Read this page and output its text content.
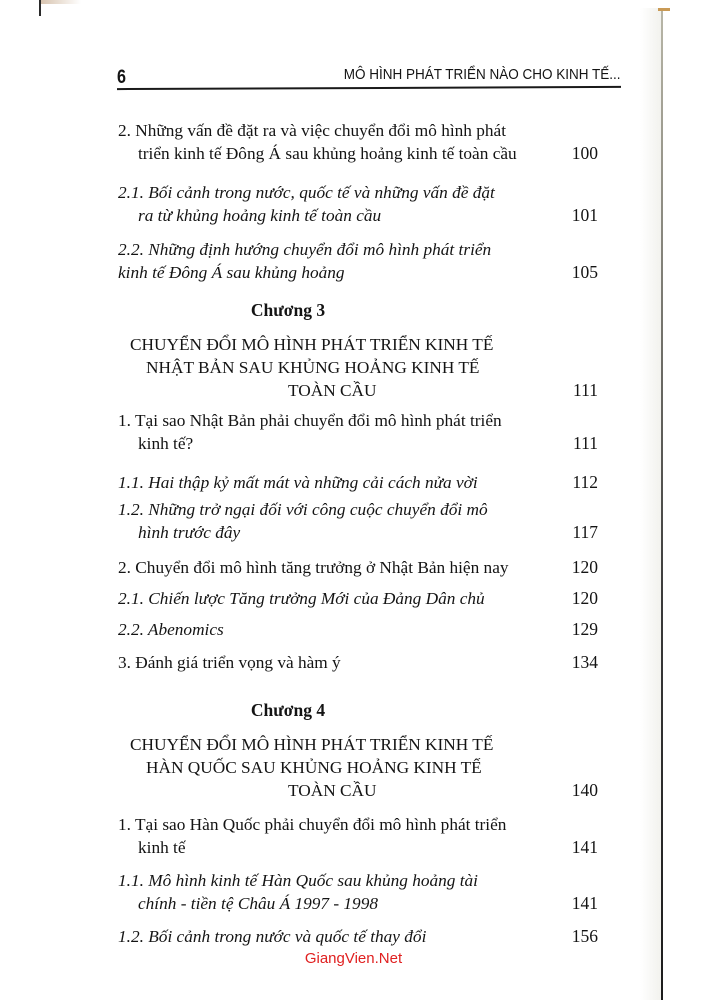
6	MÔ HÌNH PHÁT TRIỂN NÀO CHO KINH TẾ...
2. Những vấn đề đặt ra và việc chuyển đổi mô hình phát
triển kinh tế Đông Á sau khủng hoảng kinh tế toàn cầu	100
2.1. Bối cảnh trong nước, quốc tế và những vấn đề đặt
ra từ khủng hoảng kinh tế toàn cầu	101
2.2. Những định hướng chuyển đổi mô hình phát triển
kinh tế Đông Á sau khủng hoảng	105
Chương 3
CHUYỂN ĐỔI MÔ HÌNH PHÁT TRIỂN KINH TẾ
NHẬT BẢN SAU KHỦNG HOẢNG KINH TẾ
TOÀN CẦU	111
1. Tại sao Nhật Bản phải chuyển đổi mô hình phát triển
kinh tế?	111
1.1. Hai thập kỷ mất mát và những cải cách nửa vời	112
1.2. Những trở ngại đối với công cuộc chuyển đổi mô
hình trước đây	117
2. Chuyển đổi mô hình tăng trưởng ở Nhật Bản hiện nay	120
2.1. Chiến lược Tăng trưởng Mới của Đảng Dân chủ	120
2.2. Abenomics	129
3. Đánh giá triển vọng và hàm ý	134
Chương 4
CHUYỂN ĐỔI MÔ HÌNH PHÁT TRIỂN KINH TẾ
HÀN QUỐC SAU KHỦNG HOẢNG KINH TẾ
TOÀN CẦU	140
1. Tại sao Hàn Quốc phải chuyển đổi mô hình phát triển
kinh tế	141
1.1. Mô hình kinh tế Hàn Quốc sau khủng hoảng tài
chính - tiền tệ Châu Á 1997 - 1998	141
1.2. Bối cảnh trong nước và quốc tế thay đổi	156
GiangVien.Net
